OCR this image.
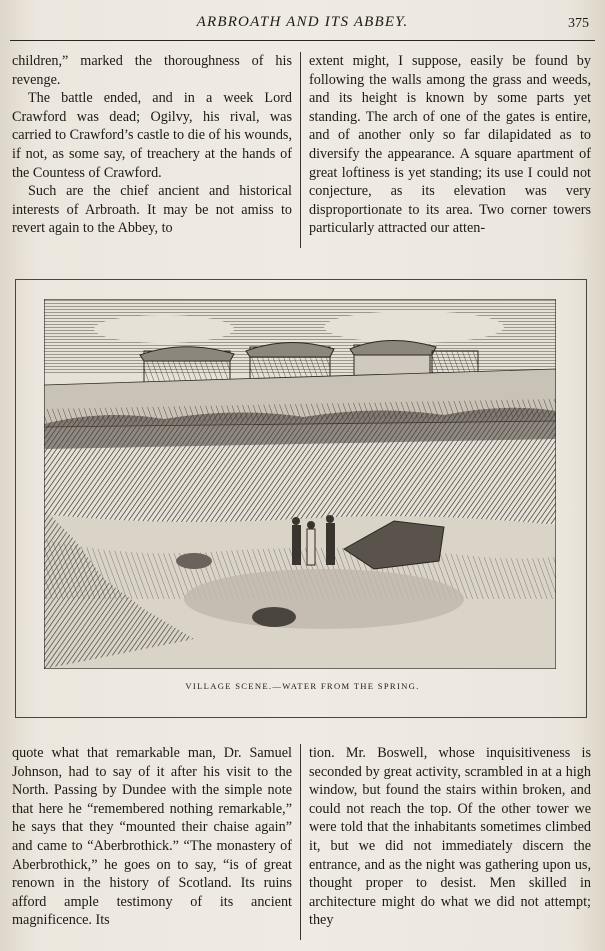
ARBROATH AND ITS ABBEY.	375

children,” marked the thoroughness of his revenge.

The battle ended, and in a week Lord Crawford was dead; Ogilvy, his rival, was carried to Crawford’s castle to die of his wounds, if not, as some say, of treachery at the hands of the Countess of Crawford.

Such are the chief ancient and historical interests of Arbroath. It may be not amiss to revert again to the Abbey, to

extent might, I suppose, easily be found by following the walls among the grass and weeds, and its height is known by some parts yet standing. The arch of one of the gates is entire, and of another only so far dilapidated as to diversify the appearance. A square apartment of great loftiness is yet standing; its use I could not conjecture, as its elevation was very disproportionate to its area. Two corner towers particularly attracted our atten-

VILLAGE SCENE.—WATER FROM THE SPRING.

quote what that remarkable man, Dr. Samuel Johnson, had to say of it after his visit to the North. Passing by Dundee with the simple note that here he “remembered nothing remarkable,” he says that they “mounted their chaise again” and came to “Aberbrothick.” “The monastery of Aberbrothick,” he goes on to say, “is of great renown in the history of Scotland. Its ruins afford ample testimony of its ancient magnificence. Its

tion. Mr. Boswell, whose inquisitiveness is seconded by great activity, scrambled in at a high window, but found the stairs within broken, and could not reach the top. Of the other tower we were told that the inhabitants sometimes climbed it, but we did not immediately discern the entrance, and as the night was gathering upon us, thought proper to desist. Men skilled in architecture might do what we did not attempt; they
